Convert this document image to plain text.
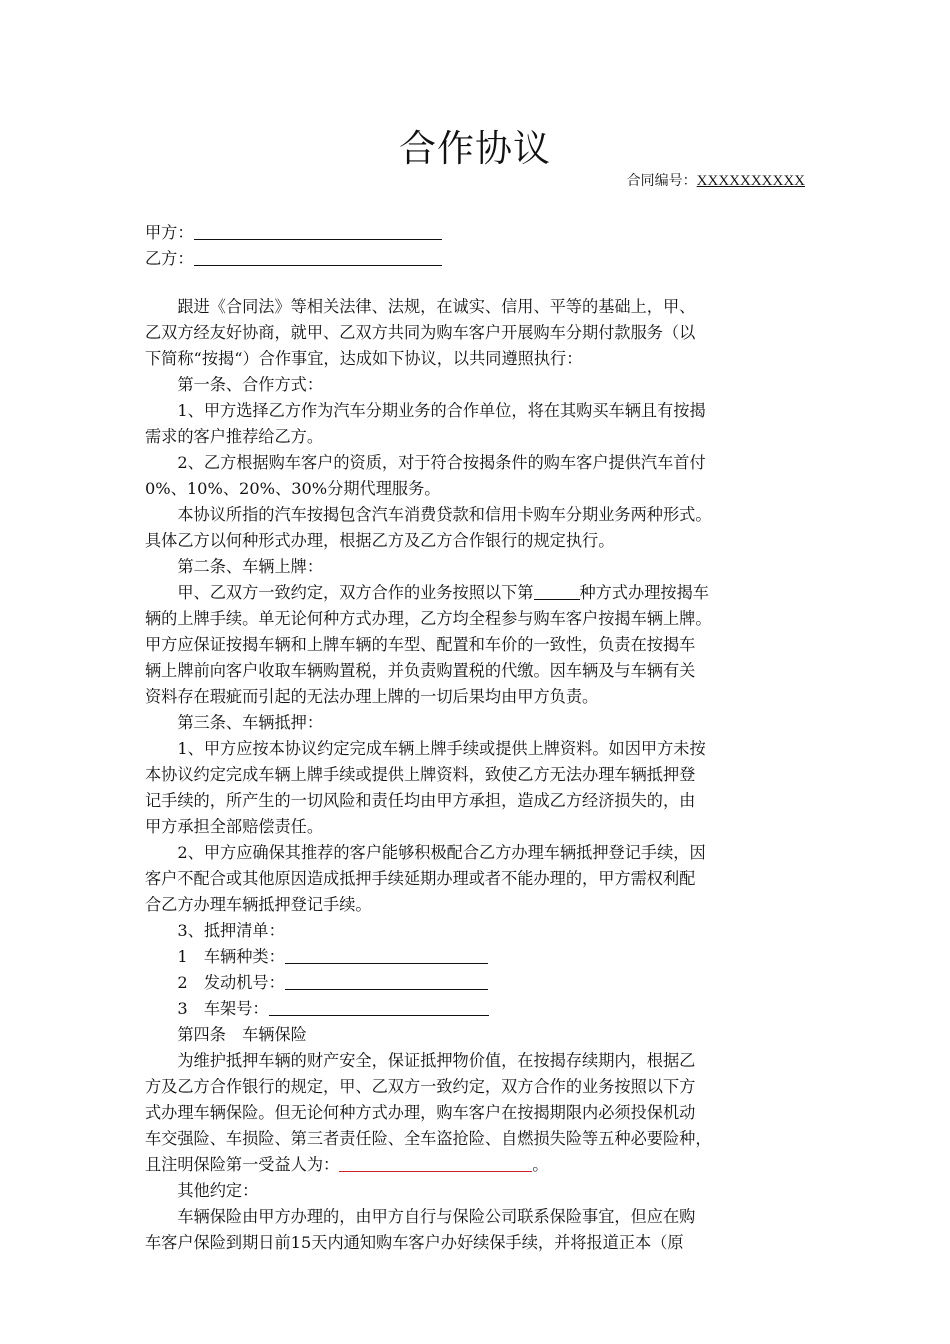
合作协议
合同编号：XXXXXXXXXX
甲方：
乙方：
　　跟进《合同法》等相关法律、法规，在诚实、信用、平等的基础上，甲、
乙双方经友好协商，就甲、乙双方共同为购车客户开展购车分期付款服务（以
下简称“按揭“）合作事宜，达成如下协议，以共同遵照执行：
　　第一条、合作方式：
　　1、甲方选择乙方作为汽车分期业务的合作单位，将在其购买车辆且有按揭
需求的客户推荐给乙方。
　　2、乙方根据购车客户的资质，对于符合按揭条件的购车客户提供汽车首付
0%、10%、20%、30%分期代理服务。
　　本协议所指的汽车按揭包含汽车消费贷款和信用卡购车分期业务两种形式。
具体乙方以何种形式办理，根据乙方及乙方合作银行的规定执行。
　　第二条、车辆上牌：
　　甲、乙双方一致约定，双方合作的业务按照以下第	种方式办理按揭车
辆的上牌手续。单无论何种方式办理，乙方均全程参与购车客户按揭车辆上牌。
甲方应保证按揭车辆和上牌车辆的车型、配置和车价的一致性，负责在按揭车
辆上牌前向客户收取车辆购置税，并负责购置税的代缴。因车辆及与车辆有关
资料存在瑕疵而引起的无法办理上牌的一切后果均由甲方负责。
　　第三条、车辆抵押：
　　1、甲方应按本协议约定完成车辆上牌手续或提供上牌资料。如因甲方未按
本协议约定完成车辆上牌手续或提供上牌资料，致使乙方无法办理车辆抵押登
记手续的，所产生的一切风险和责任均由甲方承担，造成乙方经济损失的，由
甲方承担全部赔偿责任。
　　2、甲方应确保其推荐的客户能够积极配合乙方办理车辆抵押登记手续，因
客户不配合或其他原因造成抵押手续延期办理或者不能办理的，甲方需权利配
合乙方办理车辆抵押登记手续。
　　3、抵押清单：
　　1　车辆种类：
　　2　发动机号：
　　3　车架号：
　　第四条　车辆保险
　　为维护抵押车辆的财产安全，保证抵押物价值，在按揭存续期内，根据乙
方及乙方合作银行的规定，甲、乙双方一致约定，双方合作的业务按照以下方
式办理车辆保险。但无论何种方式办理，购车客户在按揭期限内必须投保机动
车交强险、车损险、第三者责任险、全车盗抢险、自燃损失险等五种必要险种，
且注明保险第一受益人为：	。
　　其他约定：
　　车辆保险由甲方办理的，由甲方自行与保险公司联系保险事宜，但应在购
车客户保险到期日前15天内通知购车客户办好续保手续，并将报道正本（原
